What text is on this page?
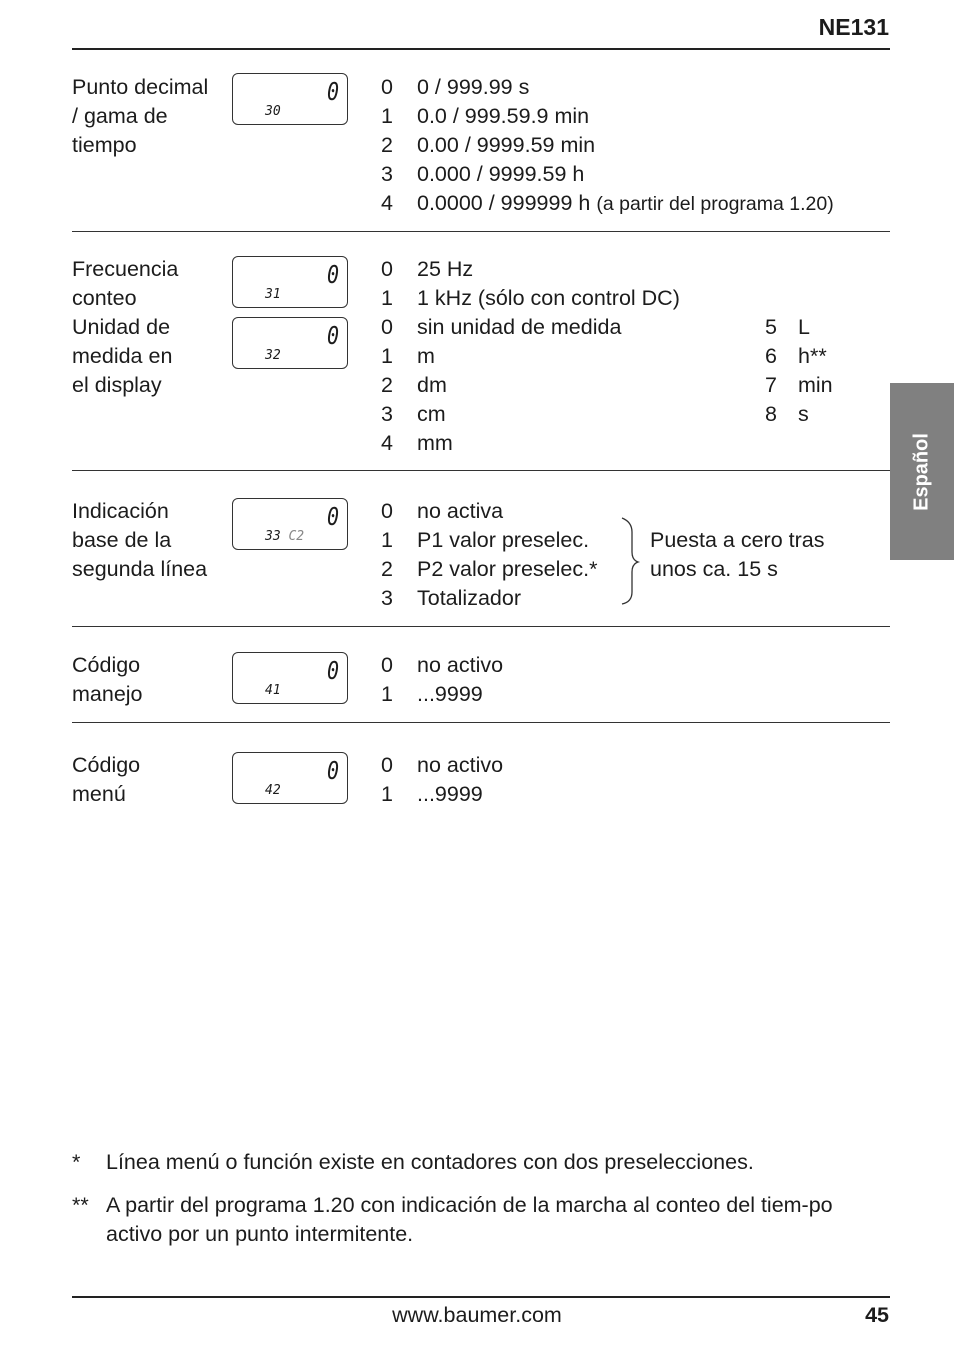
NE131
Español
Punto decimal
/ gama de
tiempo
0
30
0 0 / 999.99 s
1 0.0 / 999.59.9 min
2 0.00 / 9999.59 min
3 0.000 / 9999.59 h
4 0.0000 / 999999 h (a partir del programa 1.20)
Frecuencia
conteo
Unidad de
medida en
el display
0
31
0
32
0 25 Hz
1 1 kHz (sólo con control DC)
0 sin unidad de medida
1 m
2 dm
3 cm
4 mm
5 L
6 h**
7 min
8 s
Indicación
base de la
segunda línea
0
33 C2
0 no activa
1 P1 valor preselec.
2 P2 valor preselec.*
3 Totalizador
Puesta a cero tras
unos ca. 15 s
Código
manejo
0
41
0 no activo
1 ...9999
Código
menú
0
42
0 no activo
1 ...9999
* Línea menú o función existe en contadores con dos preselecciones.
** A partir del programa 1.20 con indicación de la marcha al conteo del tiem-po activo por un punto intermitente.
www.baumer.com	45
